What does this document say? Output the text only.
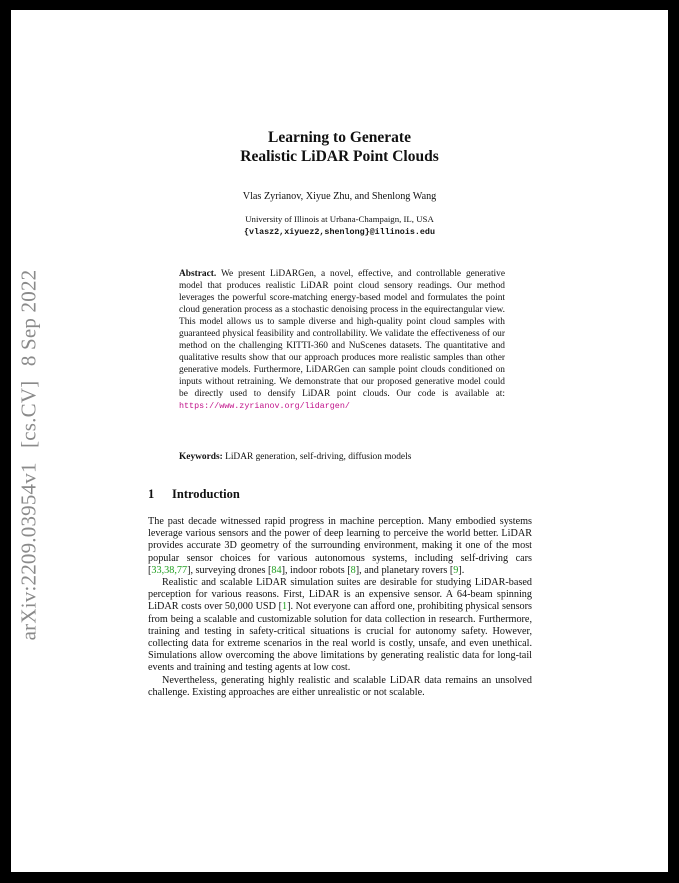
arXiv:2209.03954v1 [cs.CV] 8 Sep 2022
Learning to Generate
Realistic LiDAR Point Clouds
Vlas Zyrianov, Xiyue Zhu, and Shenlong Wang
University of Illinois at Urbana-Champaign, IL, USA
{vlasz2,xiyuez2,shenlong}@illinois.edu
Abstract. We present LiDARGen, a novel, effective, and controllable generative model that produces realistic LiDAR point cloud sensory readings. Our method leverages the powerful score-matching energy-based model and formulates the point cloud generation process as a stochastic denoising process in the equirectangular view. This model allows us to sample diverse and high-quality point cloud samples with guaranteed physical feasibility and controllability. We validate the effectiveness of our method on the challenging KITTI-360 and NuScenes datasets. The quantitative and qualitative results show that our approach produces more realistic samples than other generative models. Furthermore, LiDARGen can sample point clouds conditioned on inputs without retraining. We demonstrate that our proposed generative model could be directly used to densify LiDAR point clouds. Our code is available at: https://www.zyrianov.org/lidargen/
Keywords: LiDAR generation, self-driving, diffusion models
1 Introduction

The past decade witnessed rapid progress in machine perception. Many embodied systems leverage various sensors and the power of deep learning to perceive the world better. LiDAR provides accurate 3D geometry of the surrounding environment, making it one of the most popular sensor choices for various autonomous systems, including self-driving cars [33,38,77], surveying drones [84], indoor robots [8], and planetary rovers [9].

Realistic and scalable LiDAR simulation suites are desirable for studying LiDAR-based perception for various reasons. First, LiDAR is an expensive sensor. A 64-beam spinning LiDAR costs over 50,000 USD [1]. Not everyone can afford one, prohibiting physical sensors from being a scalable and customizable solution for data collection in research. Furthermore, training and testing in safety-critical situations is crucial for autonomy safety. However, collecting data for extreme scenarios in the real world is costly, unsafe, and even unethical. Simulations allow overcoming the above limitations by generating realistic data for long-tail events and training and testing agents at low cost.

Nevertheless, generating highly realistic and scalable LiDAR data remains an unsolved challenge. Existing approaches are either unrealistic or not scalable.
